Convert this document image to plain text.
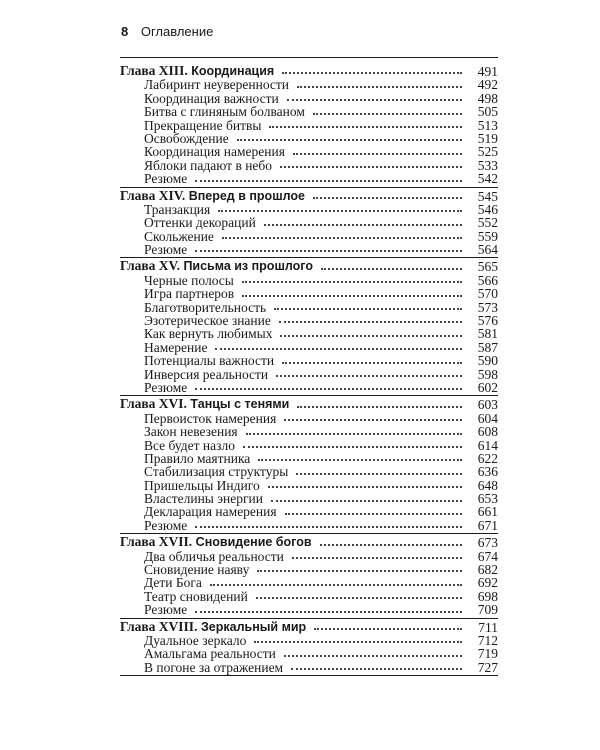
8 Оглавление
Глава XIII. Координация	491
Лабиринт неуверенности	492
Координация важности	498
Битва с глиняным болваном	505
Прекращение битвы	513
Освобождение	519
Координация намерения	525
Яблоки падают в небо	533
Резюме	542
Глава XIV. Вперед в прошлое	545
Транзакция	546
Оттенки декораций	552
Скольжение	559
Резюме	564
Глава XV. Письма из прошлого	565
Черные полосы	566
Игра партнеров	570
Благотворительность	573
Эзотерическое знание	576
Как вернуть любимых	581
Намерение	587
Потенциалы важности	590
Инверсия реальности	598
Резюме	602
Глава XVI. Танцы с тенями	603
Первоисток намерения	604
Закон невезения	608
Все будет назло	614
Правило маятника	622
Стабилизация структуры	636
Пришельцы Индиго	648
Властелины энергии	653
Декларация намерения	661
Резюме	671
Глава XVII. Сновидение богов	673
Два обличья реальности	674
Сновидение наяву	682
Дети Бога	692
Театр сновидений	698
Резюме	709
Глава XVIII. Зеркальный мир	711
Дуальное зеркало	712
Амальгама реальности	719
В погоне за отражением	727
